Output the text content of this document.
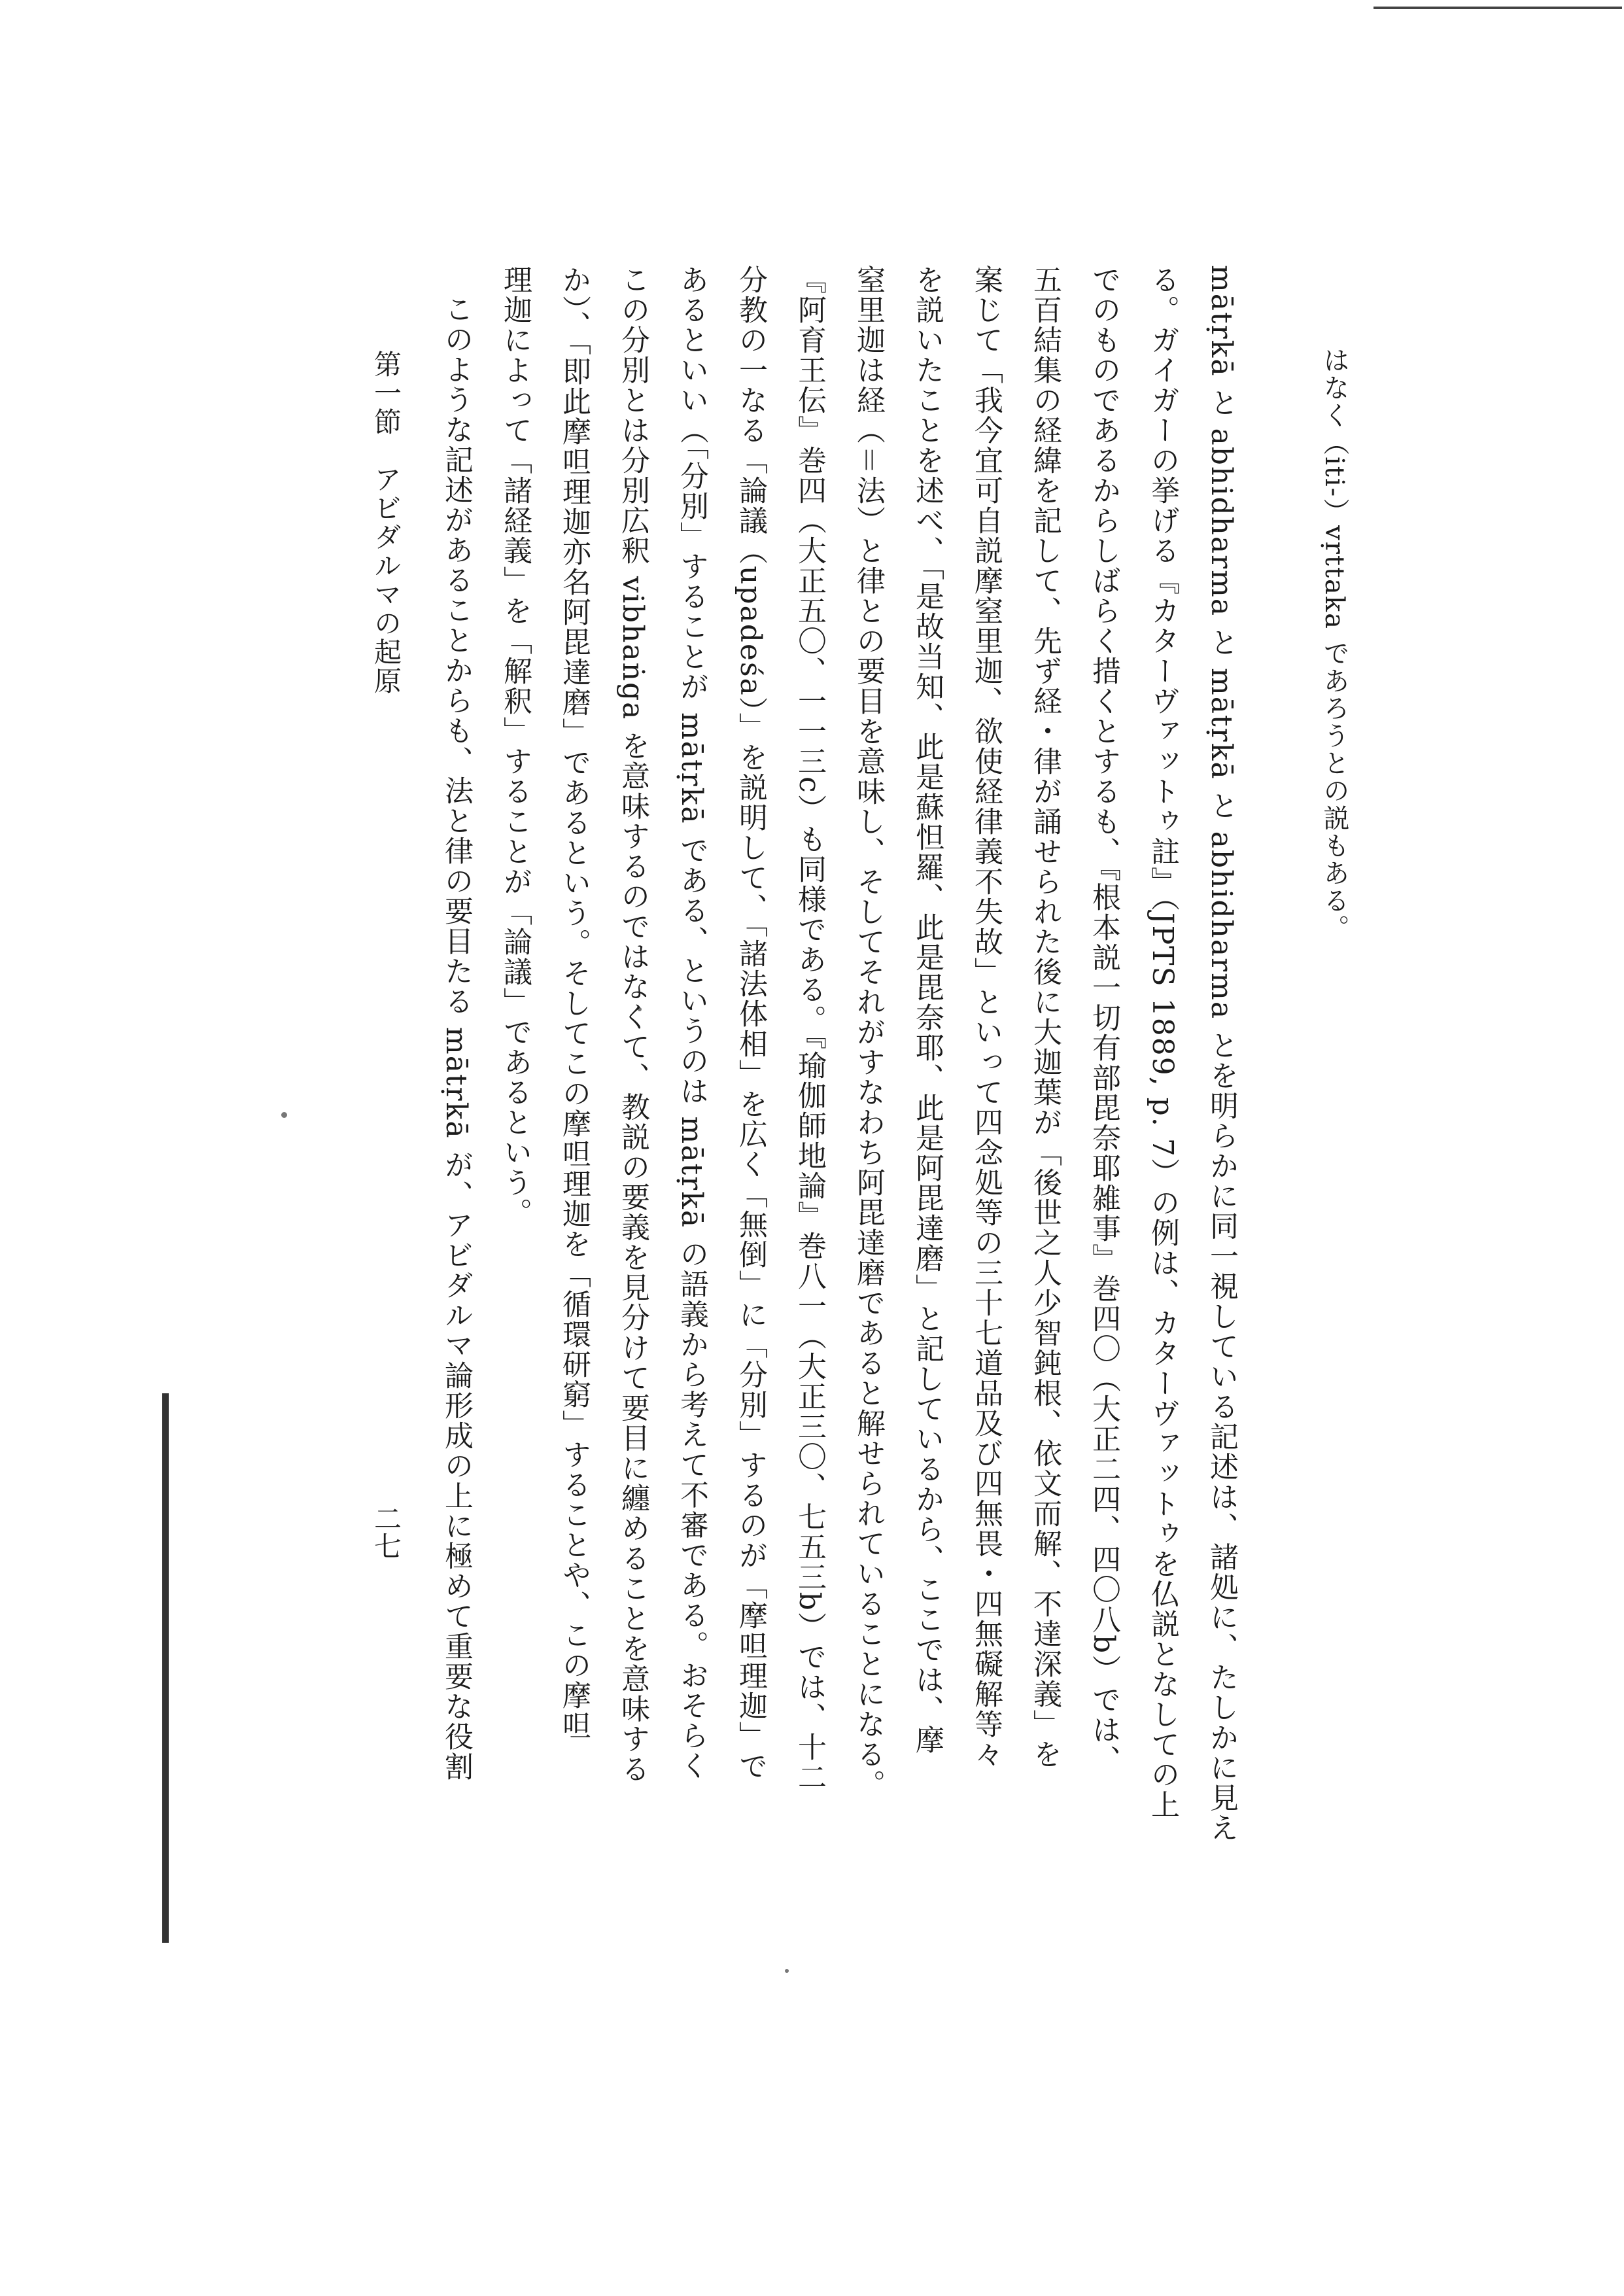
はなく（iti-）vṛttaka であろうとの説もある。
mātṛkā と abhidharma と mātṛkā と abhidharma とを明らかに同一視している記述は、諸処に、たしかに見え
る。ガイガーの挙げる『カターヴァットゥ註』（JPTS 1889, p. 7）の例は、カターヴァットゥを仏説となしての上
でのものであるからしばらく措くとするも、『根本説一切有部毘奈耶雑事』巻四〇（大正二四、四〇八b）では、
五百結集の経緯を記して、先ず経・律が誦せられた後に大迦葉が「後世之人少智鈍根、依文而解、不達深義」を
案じて「我今宜可自説摩窒里迦、欲使経律義不失故」といって四念処等の三十七道品及び四無畏・四無礙解等々
を説いたことを述べ、「是故当知、此是蘇怛羅、此是毘奈耶、此是阿毘達磨」と記しているから、ここでは、摩
窒里迦は経（＝法）と律との要目を意味し、そしてそれがすなわち阿毘達磨であると解せられていることになる。
『阿育王伝』巻四（大正五〇、一一三c）も同様である。『瑜伽師地論』巻八一（大正三〇、七五三b）では、十二
分教の一なる「論議（upadeśa）」を説明して、「諸法体相」を広く「無倒」に「分別」するのが「摩呾理迦」で
あるといい（「分別」することが mātṛkā である、というのは mātṛkā の語義から考えて不審である。おそらく
この分別とは分別広釈 vibhaṅga を意味するのではなくて、教説の要義を見分けて要目に纏めることを意味する
か）、「即此摩呾理迦亦名阿毘達磨」であるという。そしてこの摩呾理迦を「循環研窮」することや、この摩呾
理迦によって「諸経義」を「解釈」することが「論議」であるという。
このような記述があることからも、法と律の要目たる mātṛkā が、アビダルマ論形成の上に極めて重要な役割
第一節　アビダルマの起原
二七
